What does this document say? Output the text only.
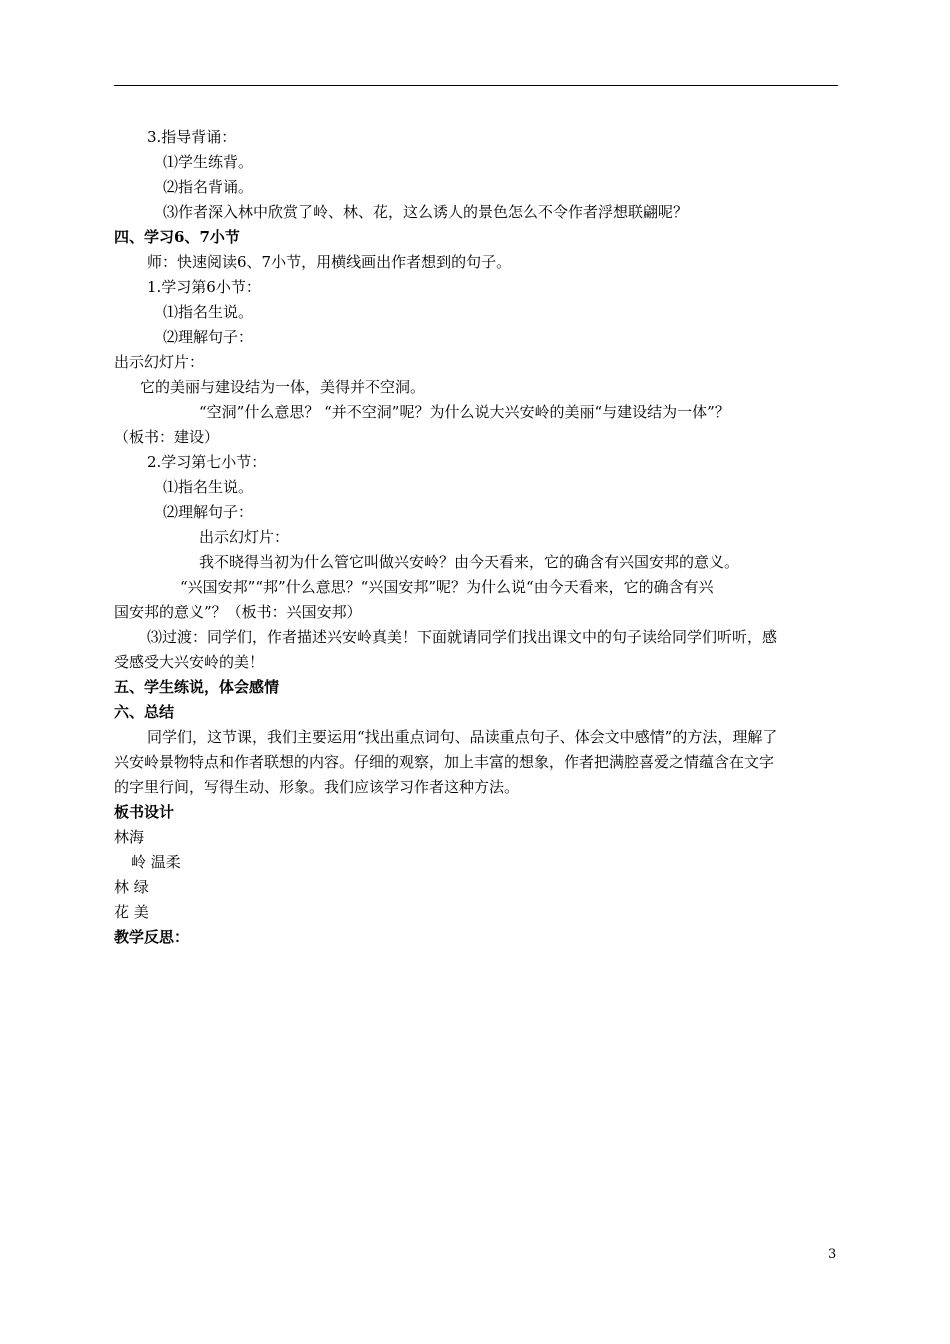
3.指导背诵：
⑴学生练背。
⑵指名背诵。
⑶作者深入林中欣赏了岭、林、花，这么诱人的景色怎么不令作者浮想联翩呢？
四、学习6、7小节
师：快速阅读6、7小节，用横线画出作者想到的句子。
1.学习第6小节：
⑴指名生说。
⑵理解句子：
出示幻灯片：
它的美丽与建设结为一体，美得并不空洞。
“空洞”什么意思？ “并不空洞”呢？为什么说大兴安岭的美丽“与建设结为一体”？
（板书：建设）
2.学习第七小节：
⑴指名生说。
⑵理解句子：
出示幻灯片：
我不晓得当初为什么管它叫做兴安岭？由今天看来，它的确含有兴国安邦的意义。
“兴国安邦”“邦”什么意思？“兴国安邦”呢？为什么说“由今天看来，它的确含有兴
国安邦的意义”？（板书：兴国安邦）
⑶过渡：同学们，作者描述兴安岭真美！下面就请同学们找出课文中的句子读给同学们听听，感
受感受大兴安岭的美！
五、学生练说，体会感情
六、总结
同学们，这节课，我们主要运用“找出重点词句、品读重点句子、体会文中感情”的方法，理解了
兴安岭景物特点和作者联想的内容。仔细的观察，加上丰富的想象，作者把满腔喜爱之情蕴含在文字
的字里行间，写得生动、形象。我们应该学习作者这种方法。
板书设计
林海
岭 温柔
林 绿
花 美
教学反思：
3
